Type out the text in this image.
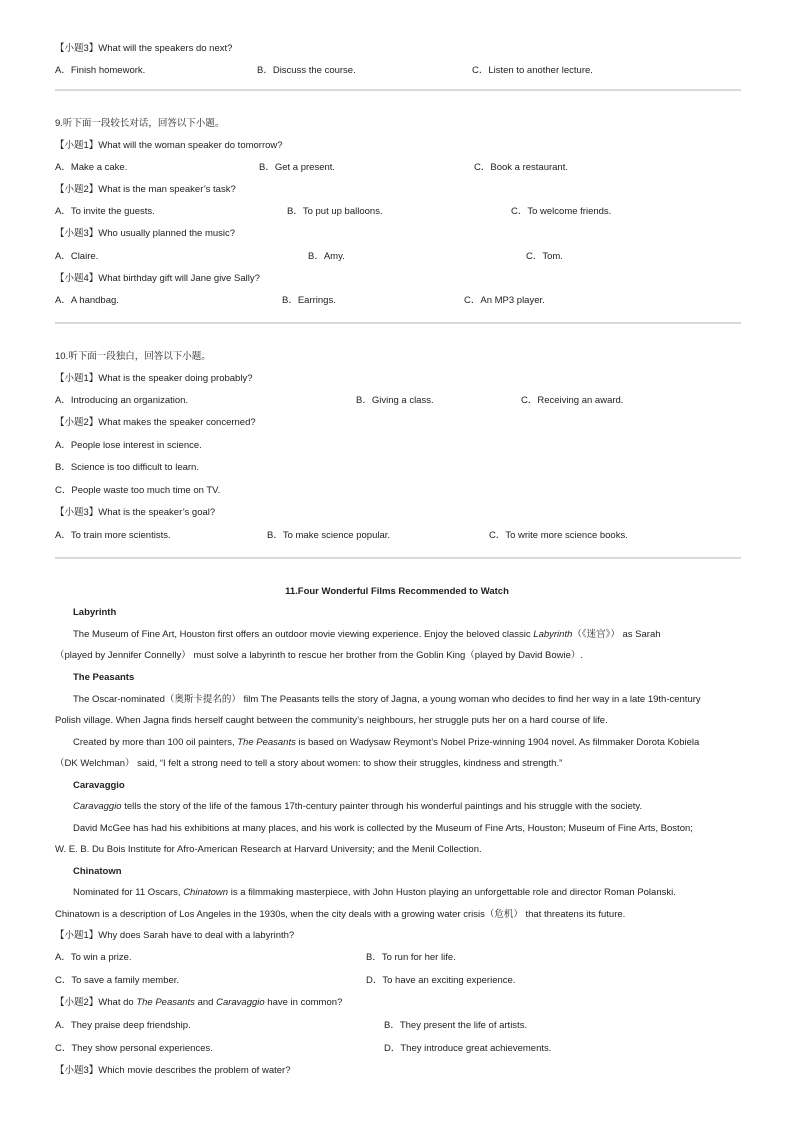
【小题3】What will the speakers do next?
A．Finish homework.	B．Discuss the course.	C．Listen to another lecture.
9.听下面一段较长对话，回答以下小题。
【小题1】What will the woman speaker do tomorrow?
A．Make a cake.	B．Get a present.	C．Book a restaurant.
【小题2】What is the man speaker’s task?
A．To invite the guests.	B．To put up balloons.	C．To welcome friends.
【小题3】Who usually planned the music?
A．Claire.	B．Amy.	C．Tom.
【小题4】What birthday gift will Jane give Sally?
A．A handbag.	B．Earrings.	C．An MP3 player.
10.听下面一段独白，回答以下小题。
【小题1】What is the speaker doing probably?
A．Introducing an organization.	B．Giving a class.	C．Receiving an award.
【小题2】What makes the speaker concerned?
A．People lose interest in science.
B．Science is too difficult to learn.
C．People waste too much time on TV.
【小题3】What is the speaker’s goal?
A．To train more scientists.	B．To make science popular.	C．To write more science books.
11.Four Wonderful Films Recommended to Watch
Labyrinth
The Museum of Fine Art, Houston first offers an outdoor movie viewing experience. Enjoy the beloved classic Labyrinth（《迷宫》） as Sarah
（played by Jennifer Connelly） must solve a labyrinth to rescue her brother from the Goblin King（played by David Bowie）.
The Peasants
The Oscar-nominated（奥斯卡提名的） film The Peasants tells the story of Jagna, a young woman who decides to find her way in a late 19th-century
Polish village. When Jagna finds herself caught between the community’s neighbours, her struggle puts her on a hard course of life.
Created by more than 100 oil painters, The Peasants is based on Wadysaw Reymont’s Nobel Prize-winning 1904 novel. As filmmaker Dorota Kobiela
（DK Welchman） said, “I felt a strong need to tell a story about women: to show their struggles, kindness and strength.”
Caravaggio
Caravaggio tells the story of the life of the famous 17th-century painter through his wonderful paintings and his struggle with the society.
David McGee has had his exhibitions at many places, and his work is collected by the Museum of Fine Arts, Houston; Museum of Fine Arts, Boston;
W. E. B. Du Bois Institute for Afro-American Research at Harvard University; and the Menil Collection.
Chinatown
Nominated for 11 Oscars, Chinatown is a filmmaking masterpiece, with John Huston playing an unforgettable role and director Roman Polanski.
Chinatown is a description of Los Angeles in the 1930s, when the city deals with a growing water crisis（危机） that threatens its future.
【小题1】Why does Sarah have to deal with a labyrinth?
A．To win a prize.	B．To run for her life.
C．To save a family member.	D．To have an exciting experience.
【小题2】What do The Peasants and Caravaggio have in common?
A．They praise deep friendship.	B．They present the life of artists.
C．They show personal experiences.	D．They introduce great achievements.
【小题3】Which movie describes the problem of water?
